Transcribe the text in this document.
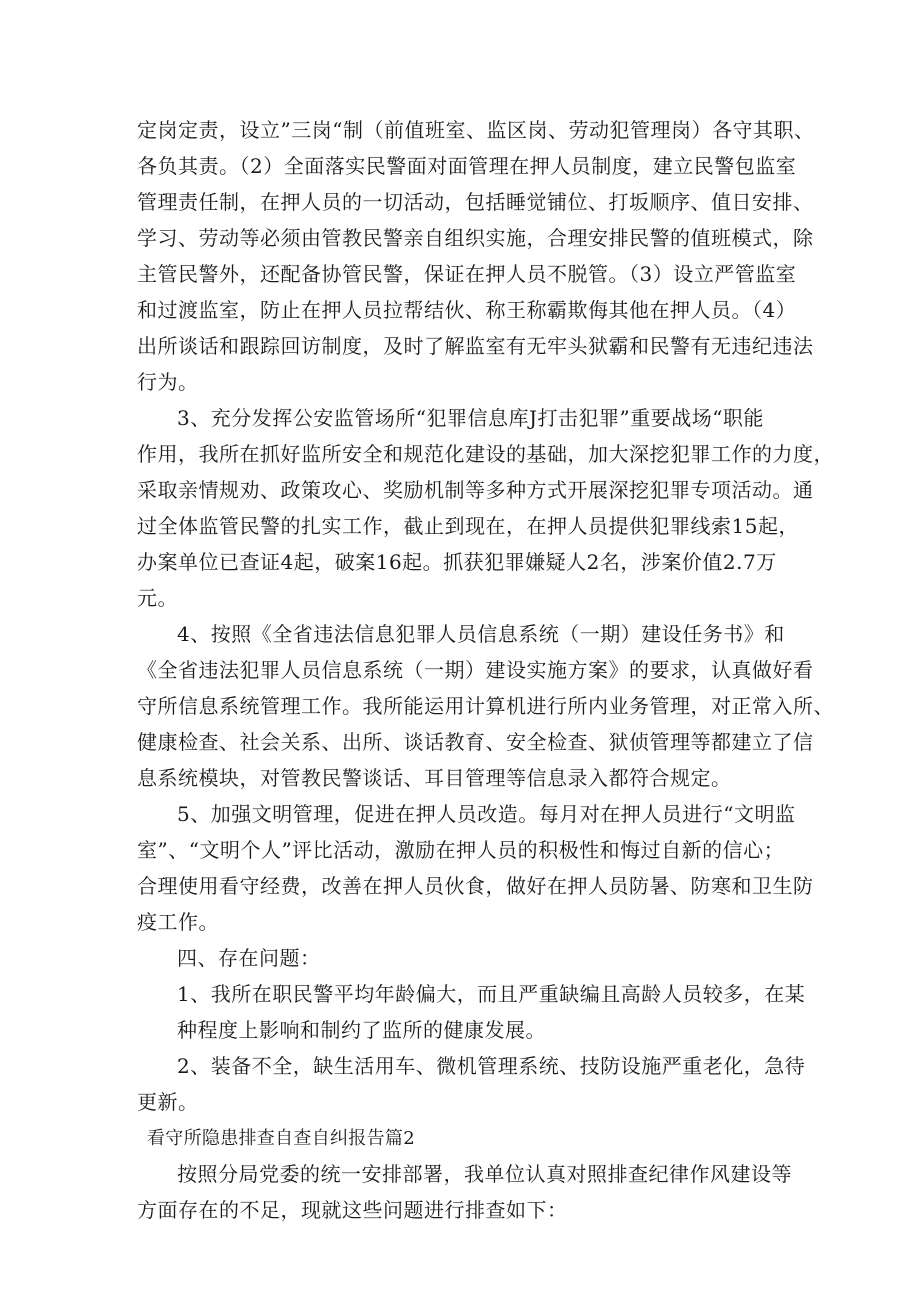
定岗定责，设立”三岗“制（前值班室、监区岗、劳动犯管理岗）各守其职、
各负其责。（2）全面落实民警面对面管理在押人员制度，建立民警包监室
管理责任制，在押人员的一切活动，包括睡觉铺位、打坂顺序、值日安排、
学习、劳动等必须由管教民警亲自组织实施，合理安排民警的值班模式，除
主管民警外，还配备协管民警，保证在押人员不脱管。（3）设立严管监室
和过渡监室，防止在押人员拉帮结伙、称王称霸欺侮其他在押人员。（4）
出所谈话和跟踪回访制度，及时了解监室有无牢头狱霸和民警有无违纪违法
行为。
3、充分发挥公安监管场所“犯罪信息库J打击犯罪”重要战场“职能
作用，我所在抓好监所安全和规范化建设的基础，加大深挖犯罪工作的力度，
采取亲情规劝、政策攻心、奖励机制等多种方式开展深挖犯罪专项活动。通
过全体监管民警的扎实工作，截止到现在，在押人员提供犯罪线索15起，
办案单位已查证4起，破案16起。抓获犯罪嫌疑人2名，涉案价值2.7万
元。
4、按照《全省违法信息犯罪人员信息系统（一期）建设任务书》和
《全省违法犯罪人员信息系统（一期）建设实施方案》的要求，认真做好看
守所信息系统管理工作。我所能运用计算机进行所内业务管理，对正常入所、
健康检查、社会关系、出所、谈话教育、安全检查、狱侦管理等都建立了信
息系统模块，对管教民警谈话、耳目管理等信息录入都符合规定。
5、加强文明管理，促进在押人员改造。每月对在押人员进行“文明监
室”、“文明个人”评比活动，激励在押人员的积极性和悔过自新的信心；
合理使用看守经费，改善在押人员伙食，做好在押人员防暑、防寒和卫生防
疫工作。
四、存在问题：
1、我所在职民警平均年龄偏大，而且严重缺编且高龄人员较多，在某
种程度上影响和制约了监所的健康发展。
2、装备不全，缺生活用车、微机管理系统、技防设施严重老化，急待
更新。
看守所隐患排查自查自纠报告篇2
按照分局党委的统一安排部署，我单位认真对照排查纪律作风建设等
方面存在的不足，现就这些问题进行排查如下：
